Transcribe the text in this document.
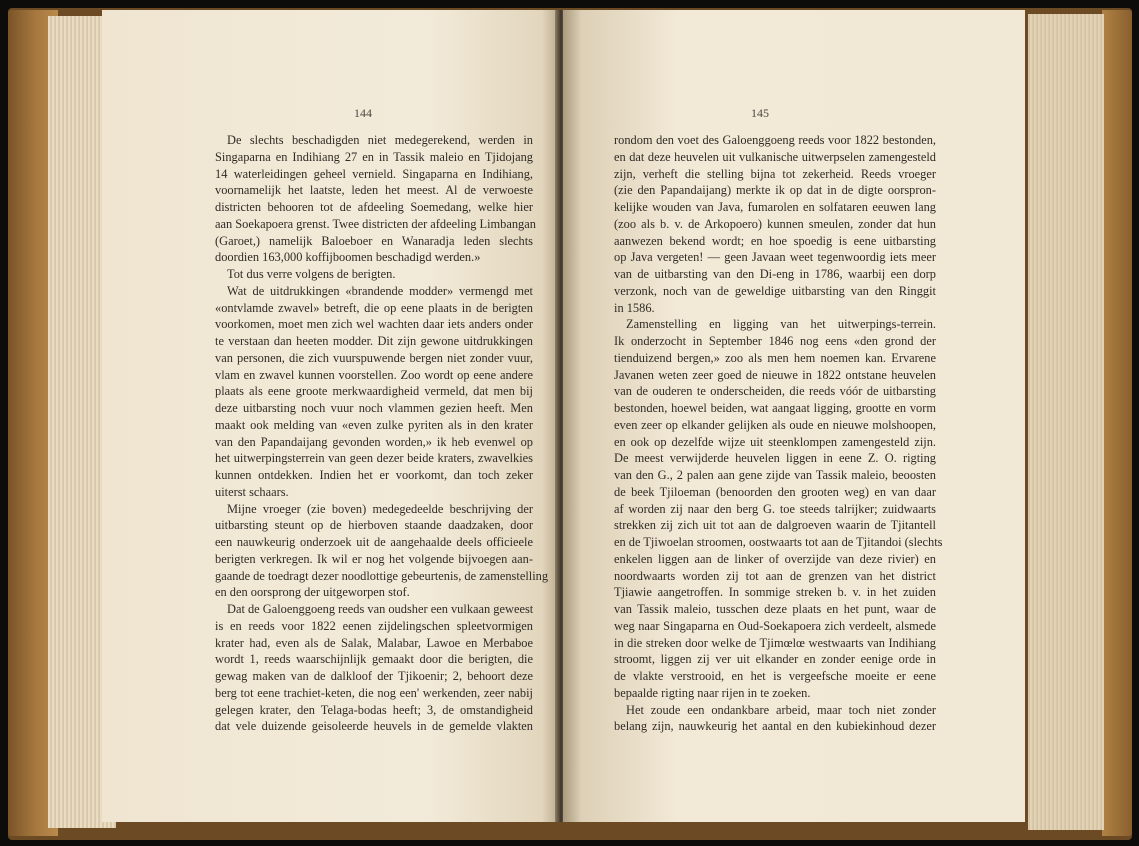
144
De slechts beschadigden niet medegerekend, werden in
Singaparna en Indihiang 27 en in Tassik maleio en Tjidojang
14 waterleidingen geheel vernield. Singaparna en Indihiang,
voornamelijk het laatste, leden het meest. Al de verwoeste
districten behooren tot de afdeeling Soemedang, welke hier
aan Soekapoera grenst. Twee districten der afdeeling Limbangan
(Garoet,) namelijk Baloeboer en Wanaradja leden slechts
doordien 163,000 koffijboomen beschadigd werden.»
Tot dus verre volgens de berigten.
Wat de uitdrukkingen «brandende modder» vermengd met
«ontvlamde zwavel» betreft, die op eene plaats in de berigten
voorkomen, moet men zich wel wachten daar iets anders onder
te verstaan dan heeten modder. Dit zijn gewone uitdrukkingen
van personen, die zich vuurspuwende bergen niet zonder vuur,
vlam en zwavel kunnen voorstellen. Zoo wordt op eene andere
plaats als eene groote merkwaardigheid vermeld, dat men bij
deze uitbarsting noch vuur noch vlammen gezien heeft. Men
maakt ook melding van «even zulke pyriten als in den krater
van den Papandaijang gevonden worden,» ik heb evenwel op
het uitwerpingsterrein van geen dezer beide kraters, zwavelkies
kunnen ontdekken. Indien het er voorkomt, dan toch zeker
uiterst schaars.
Mijne vroeger (zie boven) medegedeelde beschrijving der
uitbarsting steunt op de hierboven staande daadzaken, door
een nauwkeurig onderzoek uit de aangehaalde deels officieele
berigten verkregen. Ik wil er nog het volgende bijvoegen aan-
gaande de toedragt dezer noodlottige gebeurtenis, de zamenstelling
en den oorsprong der uitgeworpen stof.
Dat de Galoenggoeng reeds van oudsher een vulkaan geweest
is en reeds voor 1822 eenen zijdelingschen spleetvormigen
krater had, even als de Salak, Malabar, Lawoe en Merbaboe
wordt 1, reeds waarschijnlijk gemaakt door die berigten, die
gewag maken van de dalkloof der Tjikoenir; 2, behoort deze
berg tot eene trachiet-keten, die nog een' werkenden, zeer nabij
gelegen krater, den Telaga-bodas heeft; 3, de omstandigheid
dat vele duizende geisoleerde heuvels in de gemelde vlakten
145
rondom den voet des Galoenggoeng reeds voor 1822 bestonden,
en dat deze heuvelen uit vulkanische uitwerpselen zamengesteld
zijn, verheft die stelling bijna tot zekerheid. Reeds vroeger
(zie den Papandaijang) merkte ik op dat in de digte oorspron-
kelijke wouden van Java, fumarolen en solfataren eeuwen lang
(zoo als b. v. de Arkopoero) kunnen smeulen, zonder dat hun
aanwezen bekend wordt; en hoe spoedig is eene uitbarsting
op Java vergeten! — geen Javaan weet tegenwoordig iets meer
van de uitbarsting van den Di-eng in 1786, waarbij een dorp
verzonk, noch van de geweldige uitbarsting van den Ringgit
in 1586.
Zamenstelling en ligging van het uitwerpings-terrein.
Ik onderzocht in September 1846 nog eens «den grond der
tienduizend bergen,» zoo als men hem noemen kan. Ervarene
Javanen weten zeer goed de nieuwe in 1822 ontstane heuvelen
van de ouderen te onderscheiden, die reeds vóór de uitbarsting
bestonden, hoewel beiden, wat aangaat ligging, grootte en vorm
even zeer op elkander gelijken als oude en nieuwe molshoopen,
en ook op dezelfde wijze uit steenklompen zamengesteld zijn.
De meest verwijderde heuvelen liggen in eene Z. O. rigting
van den G., 2 palen aan gene zijde van Tassik maleio, beoosten
de beek Tjiloeman (benoorden den grooten weg) en van daar
af worden zij naar den berg G. toe steeds talrijker; zuidwaarts
strekken zij zich uit tot aan de dalgroeven waarin de Tjitantell
en de Tjiwoelan stroomen, oostwaarts tot aan de Tjitandoi (slechts
enkelen liggen aan de linker of overzijde van deze rivier) en
noordwaarts worden zij tot aan de grenzen van het district
Tjiawie aangetroffen. In sommige streken b. v. in het zuiden
van Tassik maleio, tusschen deze plaats en het punt, waar de
weg naar Singaparna en Oud-Soekapoera zich verdeelt, alsmede
in die streken door welke de Tjimœlœ westwaarts van Indihiang
stroomt, liggen zij ver uit elkander en zonder eenige orde in
de vlakte verstrooid, en het is vergeefsche moeite er eene
bepaalde rigting naar rijen in te zoeken.
Het zoude een ondankbare arbeid, maar toch niet zonder
belang zijn, nauwkeurig het aantal en den kubiekinhoud dezer
